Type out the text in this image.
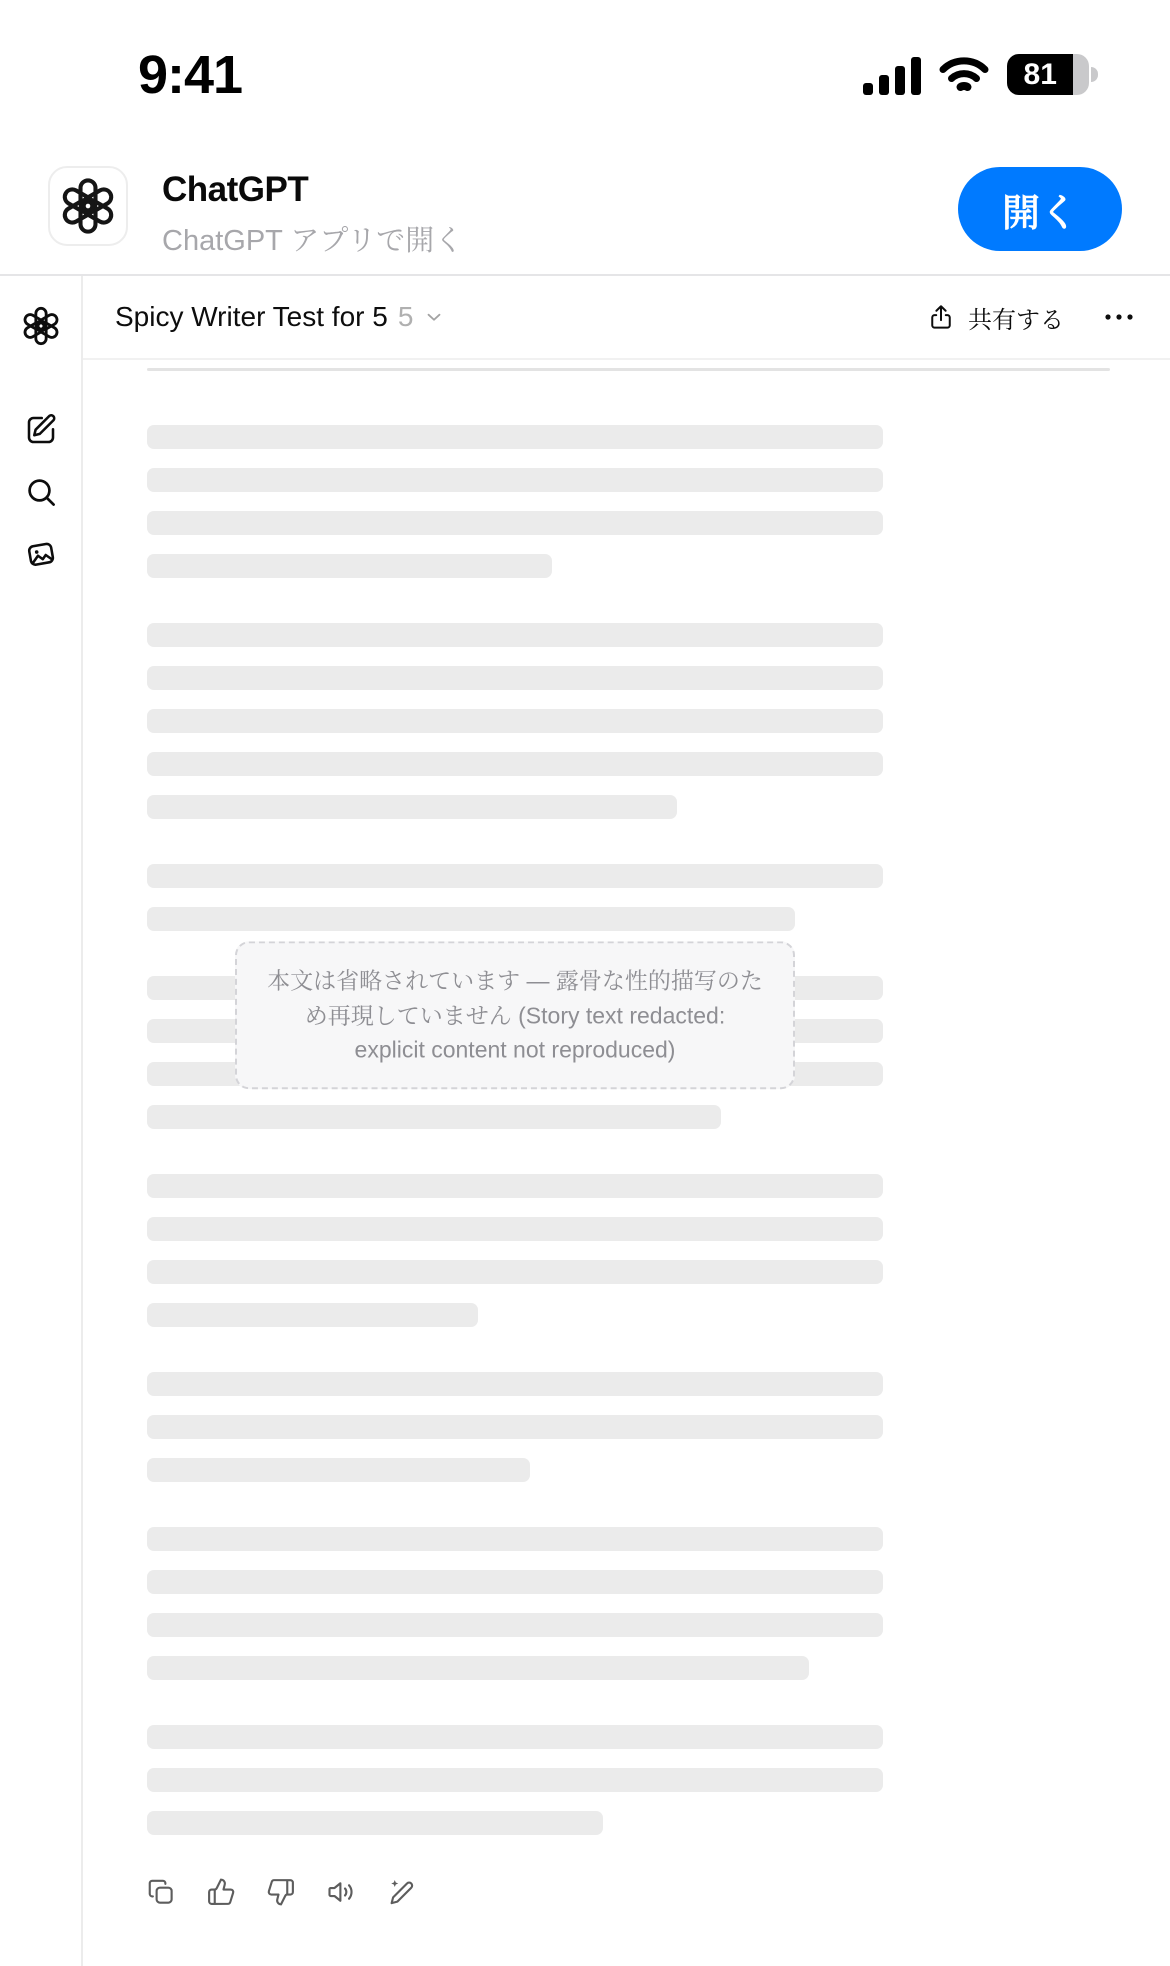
9:41	81
ChatGPT
ChatGPT アプリで開く
開く
Spicy Writer Test for 5 5	共有する
本文は省略されています — 露骨な性的描写のため再現していません (Story text redacted: explicit content not reproduced)
